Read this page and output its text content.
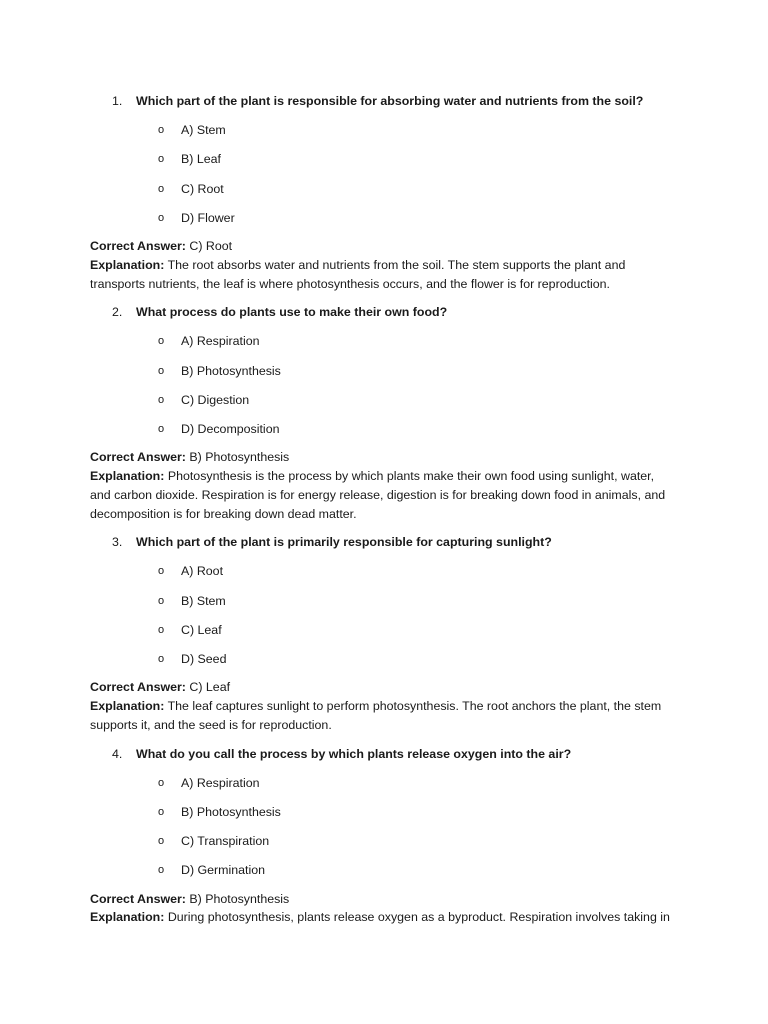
1. Which part of the plant is responsible for absorbing water and nutrients from the soil?
o A) Stem
o B) Leaf
o C) Root
o D) Flower
Correct Answer: C) Root
Explanation: The root absorbs water and nutrients from the soil. The stem supports the plant and
transports nutrients, the leaf is where photosynthesis occurs, and the flower is for reproduction.
2. What process do plants use to make their own food?
o A) Respiration
o B) Photosynthesis
o C) Digestion
o D) Decomposition
Correct Answer: B) Photosynthesis
Explanation: Photosynthesis is the process by which plants make their own food using sunlight, water,
and carbon dioxide. Respiration is for energy release, digestion is for breaking down food in animals, and
decomposition is for breaking down dead matter.
3. Which part of the plant is primarily responsible for capturing sunlight?
o A) Root
o B) Stem
o C) Leaf
o D) Seed
Correct Answer: C) Leaf
Explanation: The leaf captures sunlight to perform photosynthesis. The root anchors the plant, the stem
supports it, and the seed is for reproduction.
4. What do you call the process by which plants release oxygen into the air?
o A) Respiration
o B) Photosynthesis
o C) Transpiration
o D) Germination
Correct Answer: B) Photosynthesis
Explanation: During photosynthesis, plants release oxygen as a byproduct. Respiration involves taking in
